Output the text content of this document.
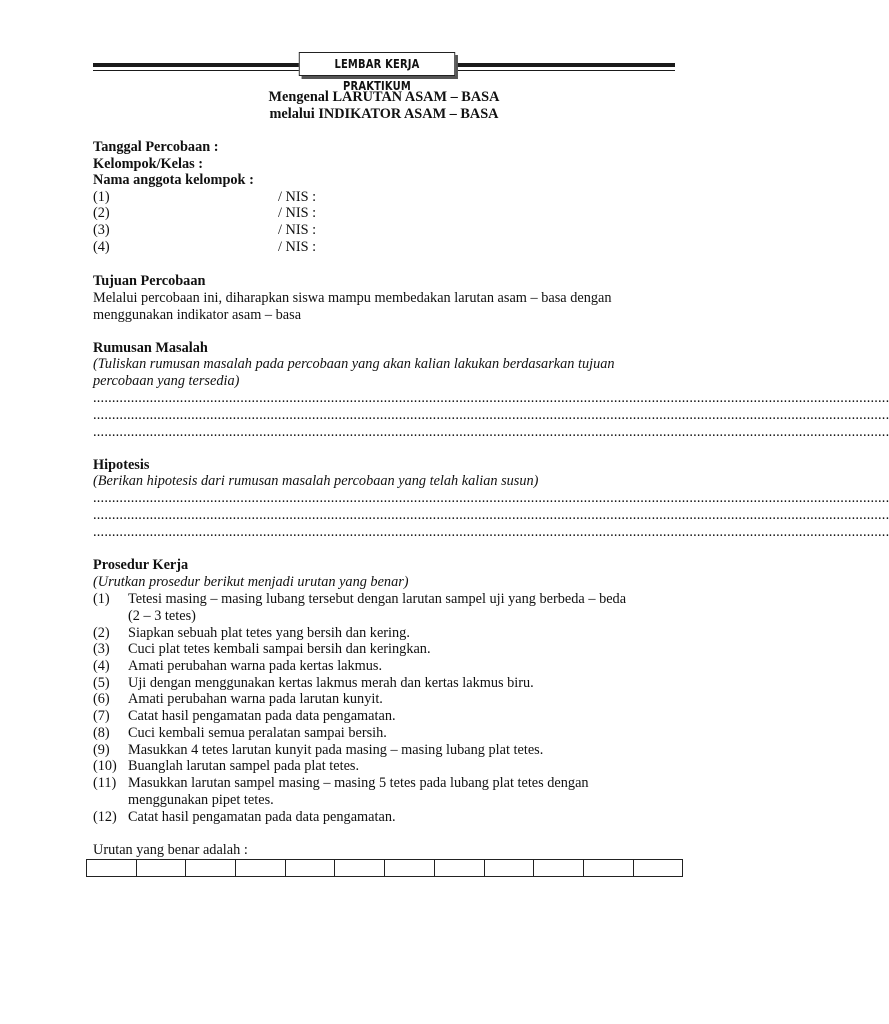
LEMBAR KERJA PRAKTIKUM
Mengenal LARUTAN ASAM – BASA
melalui INDIKATOR ASAM – BASA
Tanggal Percobaan :
Kelompok/Kelas :
Nama anggota kelompok :
(1)	/ NIS :
(2)	/ NIS :
(3)	/ NIS :
(4)	/ NIS :
Tujuan Percobaan
Melalui percobaan ini, diharapkan siswa mampu membedakan larutan asam – basa dengan
menggunakan indikator asam – basa
Rumusan Masalah
(Tuliskan rumusan masalah pada percobaan yang akan kalian lakukan berdasarkan tujuan
percobaan yang tersedia)
...................................................................................................................................................................................................................
...................................................................................................................................................................................................................
...................................................................................................................................................................................................................
Hipotesis
(Berikan hipotesis dari rumusan masalah percobaan yang telah kalian susun)
...................................................................................................................................................................................................................
...................................................................................................................................................................................................................
...................................................................................................................................................................................................................
Prosedur Kerja
(Urutkan prosedur berikut menjadi urutan yang benar)
(1) Tetesi masing – masing lubang tersebut dengan larutan sampel uji yang berbeda – beda
(2 – 3 tetes)
(2) Siapkan sebuah plat tetes yang bersih dan kering.
(3) Cuci plat tetes kembali sampai bersih dan keringkan.
(4) Amati perubahan warna pada kertas lakmus.
(5) Uji dengan menggunakan kertas lakmus merah dan kertas lakmus biru.
(6) Amati perubahan warna pada larutan kunyit.
(7) Catat hasil pengamatan pada data pengamatan.
(8) Cuci kembali semua peralatan sampai bersih.
(9) Masukkan 4 tetes larutan kunyit pada masing – masing lubang plat tetes.
(10) Buanglah larutan sampel pada plat tetes.
(11) Masukkan larutan sampel masing – masing 5 tetes pada lubang plat tetes dengan
menggunakan pipet tetes.
(12) Catat hasil pengamatan pada data pengamatan.
Urutan yang benar adalah :
